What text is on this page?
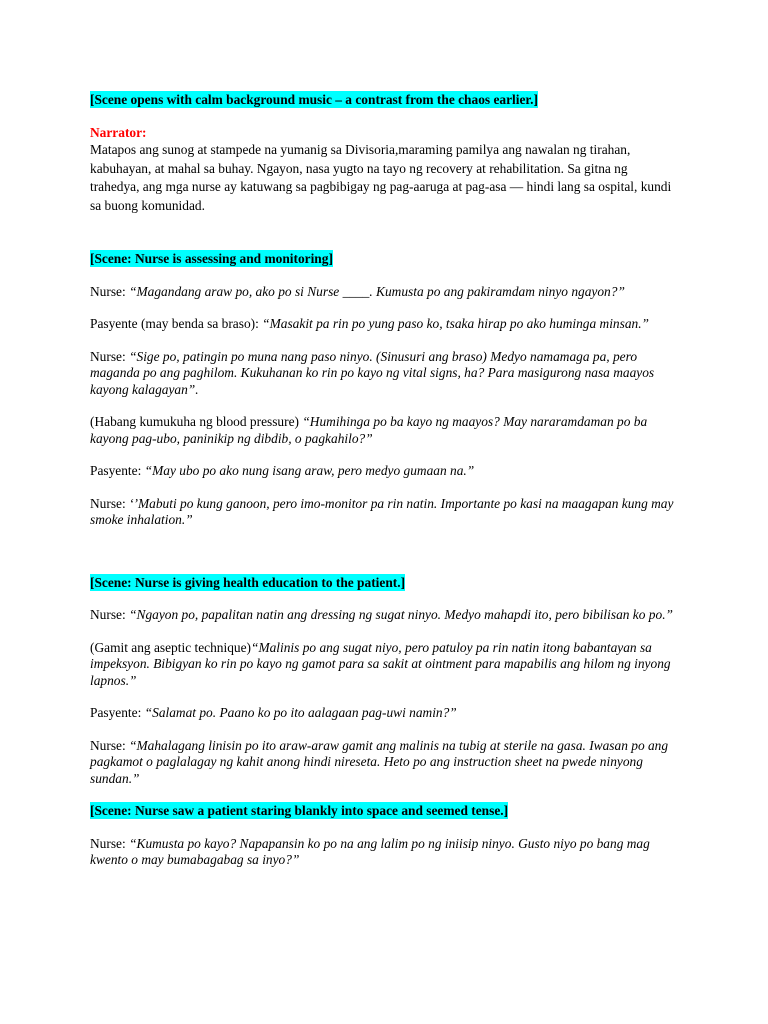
[Scene opens with calm background music – a contrast from the chaos earlier.]

Narrator:

Matapos ang sunog at stampede na yumanig sa Divisoria,maraming pamilya ang nawalan ng tirahan, kabuhayan, at mahal sa buhay. Ngayon, nasa yugto na tayo ng recovery at rehabilitation. Sa gitna ng trahedya, ang mga nurse ay katuwang sa pagbibigay ng pag-aaruga at pag-asa — hindi lang sa ospital, kundi sa buong komunidad.

[Scene: Nurse is assessing and monitoring]

Nurse: “Magandang araw po, ako po si Nurse ____. Kumusta po ang pakiramdam ninyo ngayon?”

Pasyente (may benda sa braso): “Masakit pa rin po yung paso ko, tsaka hirap po ako huminga minsan.”

Nurse: “Sige po, patingin po muna nang paso ninyo. (Sinusuri ang braso) Medyo namamaga pa, pero maganda po ang paghilom. Kukuhanan ko rin po kayo ng vital signs, ha? Para masigurong nasa maayos kayong kalagayan”.

(Habang kumukuha ng blood pressure) “Humihinga po ba kayo ng maayos? May nararamdaman po ba kayong pag-ubo, paninikip ng dibdib, o pagkahilo?”

Pasyente: “May ubo po ako nung isang araw, pero medyo gumaan na.”

Nurse: ‘’Mabuti po kung ganoon, pero imo-monitor pa rin natin. Importante po kasi na maagapan kung may smoke inhalation.”

[Scene: Nurse is giving health education to the patient.]

Nurse: “Ngayon po, papalitan natin ang dressing ng sugat ninyo. Medyo mahapdi ito, pero bibilisan ko po.”

(Gamit ang aseptic technique)“Malinis po ang sugat niyo, pero patuloy pa rin natin itong babantayan sa impeksyon. Bibigyan ko rin po kayo ng gamot para sa sakit at ointment para mapabilis ang hilom ng inyong lapnos.”

Pasyente: “Salamat po. Paano ko po ito aalagaan pag-uwi namin?”

Nurse: “Mahalagang linisin po ito araw-araw gamit ang malinis na tubig at sterile na gasa. Iwasan po ang pagkamot o paglalagay ng kahit anong hindi nireseta. Heto po ang instruction sheet na pwede ninyong sundan.”

[Scene: Nurse saw a patient staring blankly into space and seemed tense.]

Nurse: “Kumusta po kayo? Napapansin ko po na ang lalim po ng iniisip ninyo. Gusto niyo po bang mag kwento o may bumabagabag sa inyo?”
